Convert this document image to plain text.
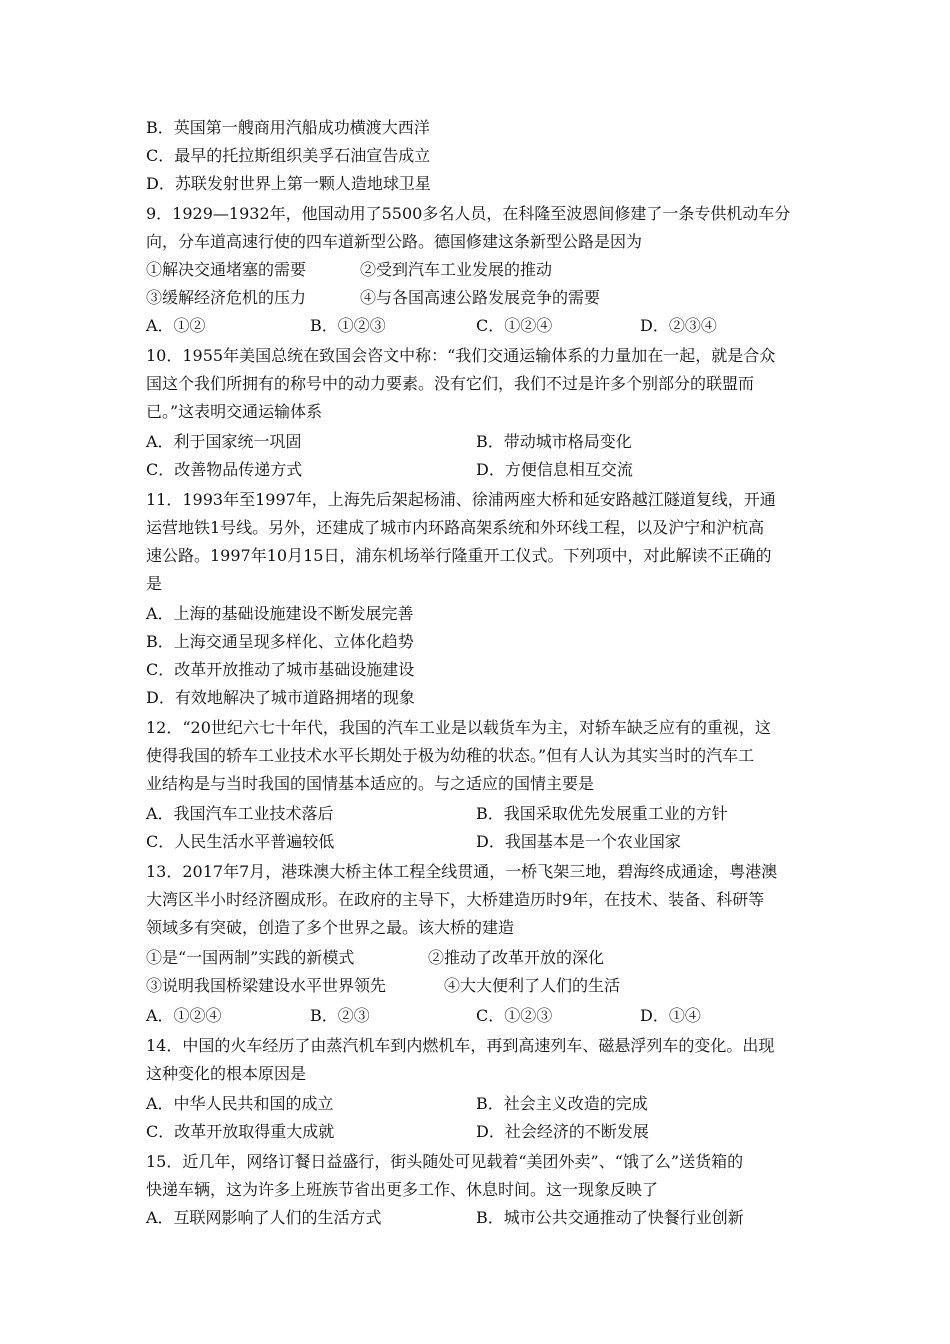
B．英国第一艘商用汽船成功横渡大西洋
C．最早的托拉斯组织美孚石油宣告成立
D．苏联发射世界上第一颗人造地球卫星
9．1929—1932年，他国动用了5500多名人员，在科隆至波恩间修建了一条专供机动车分
向，分车道高速行使的四车道新型公路。德国修建这条新型公路是因为
①解决交通堵塞的需要	②受到汽车工业发展的推动
③缓解经济危机的压力	④与各国高速公路发展竞争的需要
A．①②	B．①②③	C．①②④	D．②③④
10．1955年美国总统在致国会咨文中称：“我们交通运输体系的力量加在一起，就是合众
国这个我们所拥有的称号中的动力要素。没有它们，我们不过是许多个别部分的联盟而
已。”这表明交通运输体系
A．利于国家统一巩固	B．带动城市格局变化
C．改善物品传递方式	D．方便信息相互交流
11．1993年至1997年，上海先后架起杨浦、徐浦两座大桥和延安路越江隧道复线，开通
运营地铁1号线。另外，还建成了城市内环路高架系统和外环线工程，以及沪宁和沪杭高
速公路。1997年10月15日，浦东机场举行隆重开工仪式。下列项中，对此解读不正确的
是
A．上海的基础设施建设不断发展完善
B．上海交通呈现多样化、立体化趋势
C．改革开放推动了城市基础设施建设
D．有效地解决了城市道路拥堵的现象
12．“20世纪六七十年代，我国的汽车工业是以载货车为主，对轿车缺乏应有的重视，这
使得我国的轿车工业技术水平长期处于极为幼稚的状态。”但有人认为其实当时的汽车工
业结构是与当时我国的国情基本适应的。与之适应的国情主要是
A．我国汽车工业技术落后	B．我国采取优先发展重工业的方针
C．人民生活水平普遍较低	D．我国基本是一个农业国家
13．2017年7月，港珠澳大桥主体工程全线贯通，一桥飞架三地，碧海终成通途，粤港澳
大湾区半小时经济圈成形。在政府的主导下，大桥建造历时9年，在技术、装备、科研等
领域多有突破，创造了多个世界之最。该大桥的建造
①是“一国两制”实践的新模式	②推动了改革开放的深化
③说明我国桥梁建设水平世界领先	④大大便利了人们的生活
A．①②④	B．②③	C．①②③	D．①④
14．中国的火车经历了由蒸汽机车到内燃机车，再到高速列车、磁悬浮列车的变化。出现
这种变化的根本原因是
A．中华人民共和国的成立	B．社会主义改造的完成
C．改革开放取得重大成就	D．社会经济的不断发展
15．近几年，网络订餐日益盛行，街头随处可见载着“美团外卖”、“饿了么”送货箱的
快递车辆，这为许多上班族节省出更多工作、休息时间。这一现象反映了
A．互联网影响了人们的生活方式	B．城市公共交通推动了快餐行业创新
